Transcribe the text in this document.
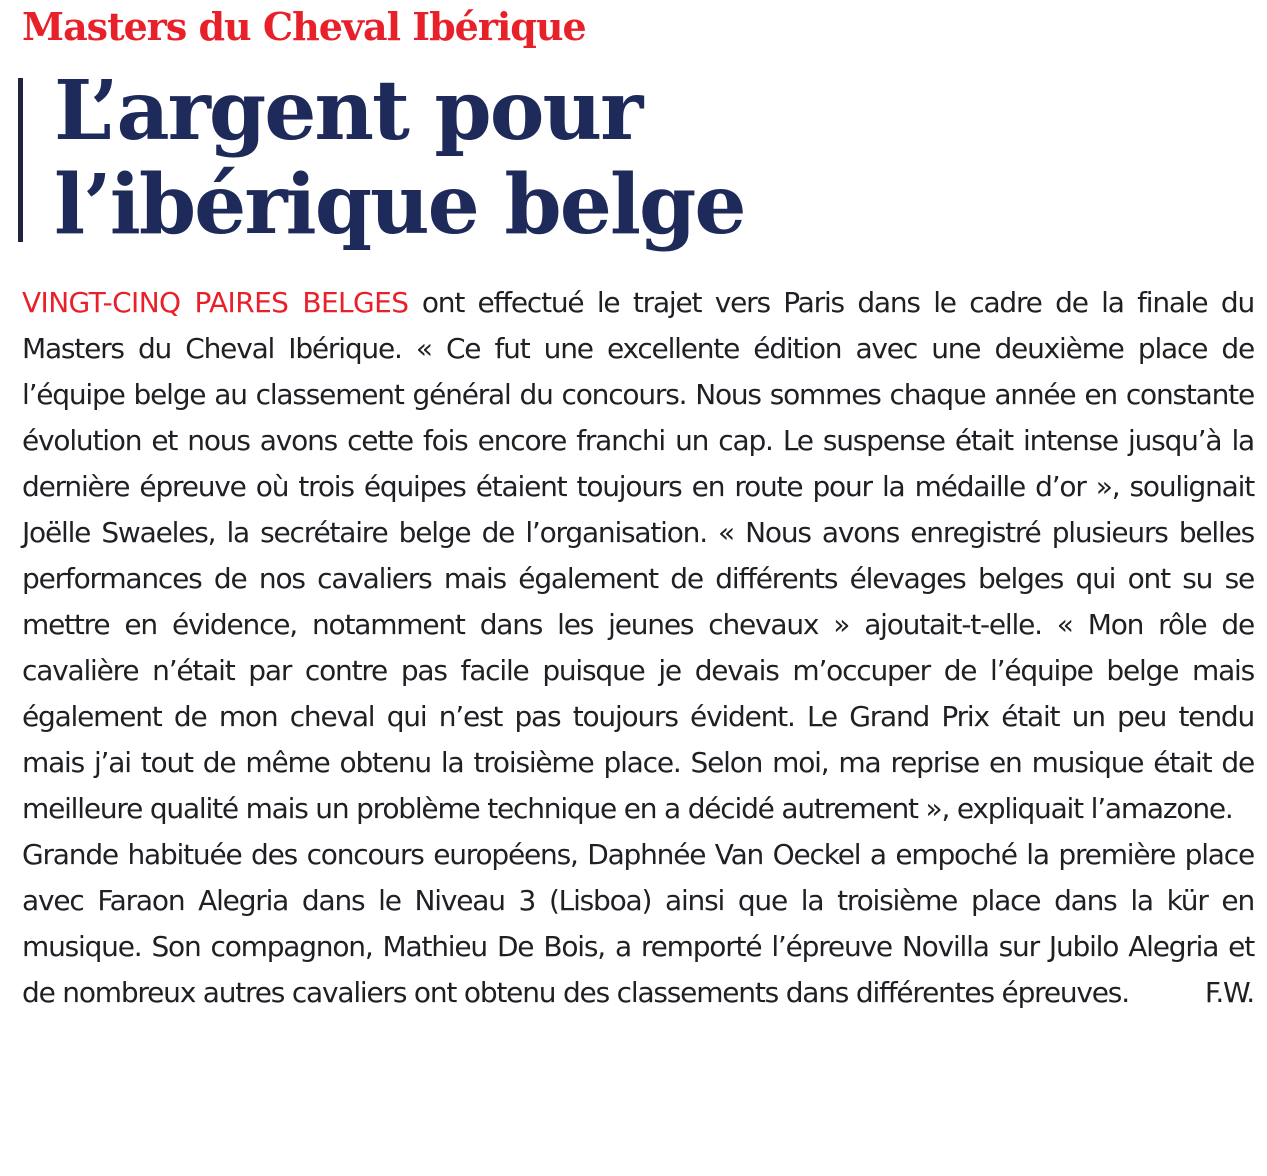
Masters du Cheval Ibérique
L’argent pour
l’ibérique belge

VINGT-CINQ PAIRES BELGES ont effectué le trajet vers Paris dans le cadre de la finale du Masters du Cheval Ibérique. « Ce fut une excellente édition avec une deuxième place de l’équipe belge au classement général du concours. Nous sommes chaque année en constante évolution et nous avons cette fois encore franchi un cap. Le suspense était intense jusqu’à la dernière épreuve où trois équipes étaient toujours en route pour la médaille d’or », soulignait Joëlle Swaeles, la secrétaire belge de l’organisation. « Nous avons enregistré plusieurs belles performances de nos cavaliers mais également de différents élevages belges qui ont su se mettre en évidence, notamment dans les jeunes chevaux » ajoutait-t-elle. « Mon rôle de cavalière n’était par contre pas facile puisque je devais m’occuper de l’équipe belge mais également de mon cheval qui n’est pas toujours évident. Le Grand Prix était un peu tendu mais j’ai tout de même obtenu la troisième place. Selon moi, ma reprise en musique était de meilleure qualité mais un problème technique en a décidé autrement », expliquait l’amazone.

Grande habituée des concours européens, Daphnée Van Oeckel a empoché la première place avec Faraon Alegria dans le Niveau 3 (Lisboa) ainsi que la troisième place dans la kür en musique. Son compagnon, Mathieu De Bois, a remporté l’épreuve Novilla sur Jubilo Alegria et de nombreux autres cavaliers ont obtenu des classements dans différentes épreuves.	F.W.
